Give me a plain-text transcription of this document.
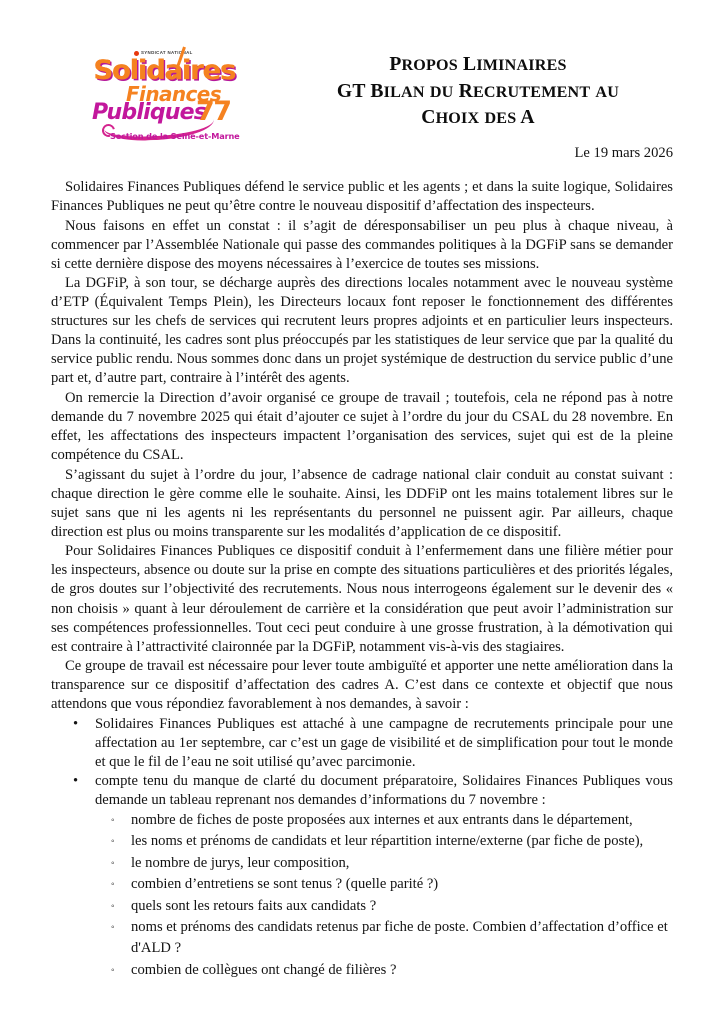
SYNDICAT NATIONAL
Solidaires
Finances
Publiques
77
Section de la Seine-et-Marne
PROPOS LIMINAIRES
GT BILAN DU RECRUTEMENT AU
CHOIX DES A
Le 19 mars 2026

Solidaires Finances Publiques défend le service public et les agents ; et dans la suite logique, Solidaires Finances Publiques ne peut qu’être contre le nouveau dispositif d’affectation des inspecteurs.

Nous faisons en effet un constat : il s’agit de déresponsabiliser un peu plus à chaque niveau, à commencer par l’Assemblée Nationale qui passe des commandes politiques à la DGFiP sans se demander si cette dernière dispose des moyens nécessaires à l’exercice de toutes ses missions.

La DGFiP, à son tour, se décharge auprès des directions locales notamment avec le nouveau système d’ETP (Équivalent Temps Plein), les Directeurs locaux font reposer le fonctionnement des différentes structures sur les chefs de services qui recrutent leurs propres adjoints et en particulier leurs inspecteurs. Dans la continuité, les cadres sont plus préoccupés par les statistiques de leur service que par la qualité du service public rendu. Nous sommes donc dans un projet systémique de destruction du service public d’une part et, d’autre part, contraire à l’intérêt des agents.

On remercie la Direction d’avoir organisé ce groupe de travail ; toutefois, cela ne répond pas à notre demande du 7 novembre 2025 qui était d’ajouter ce sujet à l’ordre du jour du CSAL du 28 novembre. En effet, les affectations des inspecteurs impactent l’organisation des services, sujet qui est de la pleine compétence du CSAL.

S’agissant du sujet à l’ordre du jour, l’absence de cadrage national clair conduit au constat suivant : chaque direction le gère comme elle le souhaite. Ainsi, les DDFiP ont les mains totalement libres sur le sujet sans que ni les agents ni les représentants du personnel ne puissent agir. Par ailleurs, chaque direction est plus ou moins transparente sur les modalités d’application de ce dispositif.

Pour Solidaires Finances Publiques ce dispositif conduit à l’enfermement dans une filière métier pour les inspecteurs, absence ou doute sur la prise en compte des situations particulières et des priorités légales, de gros doutes sur l’objectivité des recrutements. Nous nous interrogeons également sur le devenir des « non choisis » quant à leur déroulement de carrière et la considération que peut avoir l’administration sur ses compétences professionnelles. Tout ceci peut conduire à une grosse frustration, à la démotivation qui est contraire à l’attractivité claironnée par la DGFiP, notamment vis-à-vis des stagiaires.

Ce groupe de travail est nécessaire pour lever toute ambiguïté et apporter une nette amélioration dans la transparence sur ce dispositif d’affectation des cadres A. C’est dans ce contexte et objectif que nous attendons que vous répondiez favorablement à nos demandes, à savoir :

• Solidaires Finances Publiques est attaché à une campagne de recrutements principale pour une affectation au 1er septembre, car c’est un gage de visibilité et de simplification pour tout le monde et que le fil de l’eau ne soit utilisé qu’avec parcimonie.
• compte tenu du manque de clarté du document préparatoire, Solidaires Finances Publiques vous demande un tableau reprenant nos demandes d’informations du 7 novembre :
◦ nombre de fiches de poste proposées aux internes et aux entrants dans le département,
◦ les noms et prénoms de candidats et leur répartition interne/externe (par fiche de poste),
◦ le nombre de jurys, leur composition,
◦ combien d’entretiens se sont tenus ? (quelle parité ?)
◦ quels sont les retours faits aux candidats ?
◦ noms et prénoms des candidats retenus par fiche de poste. Combien d’affectation d’office et d'ALD ?
◦ combien de collègues ont changé de filières ?
